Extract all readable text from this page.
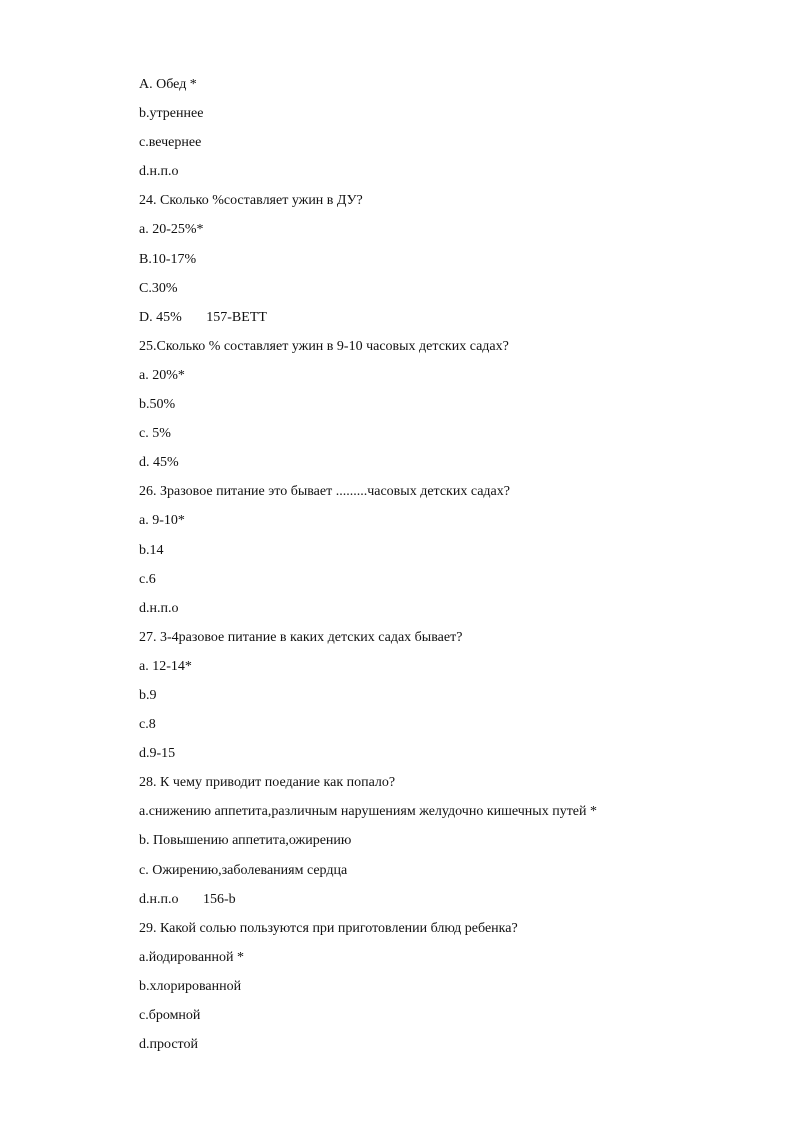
A. Обед *
b.утреннее
c.вечернее
d.н.п.о
24. Сколько %составляет ужин в ДУ?
a. 20-25%*
B.10-17%
C.30%
D. 45%       157-BETT
25.Сколько % составляет ужин в 9-10 часовых детских садах?
a. 20%*
b.50%
c. 5%
d. 45%
26. Зразовое питание это бывает .........часовых детских садах?
a. 9-10*
b.14
c.6
d.н.п.о
27. 3-4разовое питание в каких детских садах бывает?
a. 12-14*
b.9
c.8
d.9-15
28. К чему приводит поедание как попало?
a.снижению аппетита,различным нарушениям желудочно кишечных путей *
b. Повышению аппетита,ожирению
c. Ожирению,заболеваниям сердца
d.н.п.о       156-b
29. Какой солью пользуются при приготовлении блюд ребенка?
a.йодированной *
b.хлорированной
c.бромной
d.простой
